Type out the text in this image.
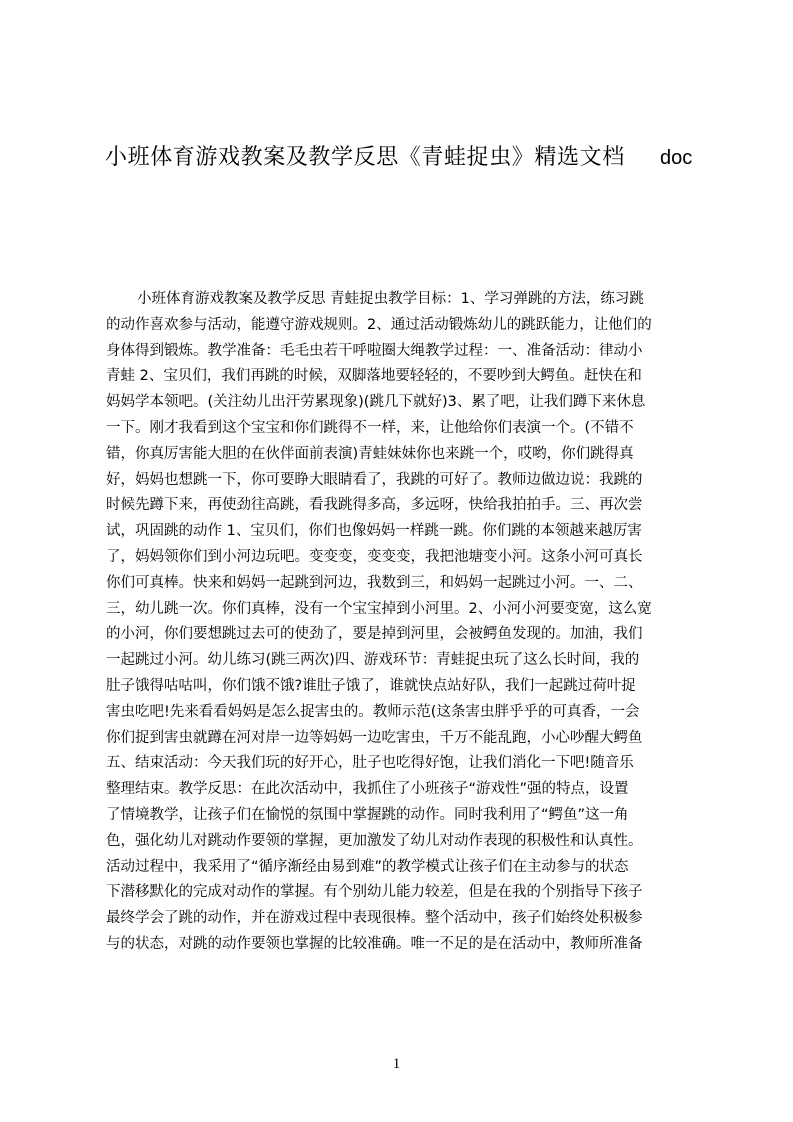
小班体育游戏教案及教学反思《青蛙捉虫》精选文档 doc
小班体育游戏教案及教学反思 青蛙捉虫教学目标：1、学习弹跳的方法，练习跳
的动作喜欢参与活动，能遵守游戏规则。2、通过活动锻炼幼儿的跳跃能力，让他们的
身体得到锻炼。教学准备：毛毛虫若干呼啦圈大绳教学过程：一、准备活动：律动小
青蛙 2、宝贝们，我们再跳的时候，双脚落地要轻轻的，不要吵到大鳄鱼。赶快在和
妈妈学本领吧。(关注幼儿出汗劳累现象)(跳几下就好)3、累了吧，让我们蹲下来休息
一下。刚才我看到这个宝宝和你们跳得不一样，来，让他给你们表演一个。(不错不
错，你真厉害能大胆的在伙伴面前表演)青蛙妹妹你也来跳一个，哎哟，你们跳得真
好，妈妈也想跳一下，你可要睁大眼睛看了，我跳的可好了。教师边做边说：我跳的
时候先蹲下来，再使劲往高跳，看我跳得多高，多远呀，快给我拍拍手。三、再次尝
试，巩固跳的动作 1、宝贝们，你们也像妈妈一样跳一跳。你们跳的本领越来越厉害
了，妈妈领你们到小河边玩吧。变变变，变变变，我把池塘变小河。这条小河可真长
你们可真棒。快来和妈妈一起跳到河边，我数到三，和妈妈一起跳过小河。一、二、
三，幼儿跳一次。你们真棒，没有一个宝宝掉到小河里。2、小河小河要变宽，这么宽
的小河，你们要想跳过去可的使劲了，要是掉到河里，会被鳄鱼发现的。加油，我们
一起跳过小河。幼儿练习(跳三两次)四、游戏环节：青蛙捉虫玩了这么长时间，我的
肚子饿得咕咕叫，你们饿不饿?谁肚子饿了，谁就快点站好队，我们一起跳过荷叶捉
害虫吃吧!先来看看妈妈是怎么捉害虫的。教师示范(这条害虫胖乎乎的可真香，一会
你们捉到害虫就蹲在河对岸一边等妈妈一边吃害虫，千万不能乱跑，小心吵醒大鳄鱼
五、结束活动：今天我们玩的好开心，肚子也吃得好饱，让我们消化一下吧!随音乐
整理结束。教学反思：在此次活动中，我抓住了小班孩子“游戏性”强的特点，设置
了情境教学，让孩子们在愉悦的氛围中掌握跳的动作。同时我利用了“鳄鱼”这一角
色，强化幼儿对跳动作要领的掌握，更加激发了幼儿对动作表现的积极性和认真性。
活动过程中，我采用了“循序渐经由易到难”的教学模式让孩子们在主动参与的状态
下潜移默化的完成对动作的掌握。有个别幼儿能力较差，但是在我的个别指导下孩子
最终学会了跳的动作，并在游戏过程中表现很棒。整个活动中，孩子们始终处积极参
与的状态，对跳的动作要领也掌握的比较准确。唯一不足的是在活动中，教师所准备
1
